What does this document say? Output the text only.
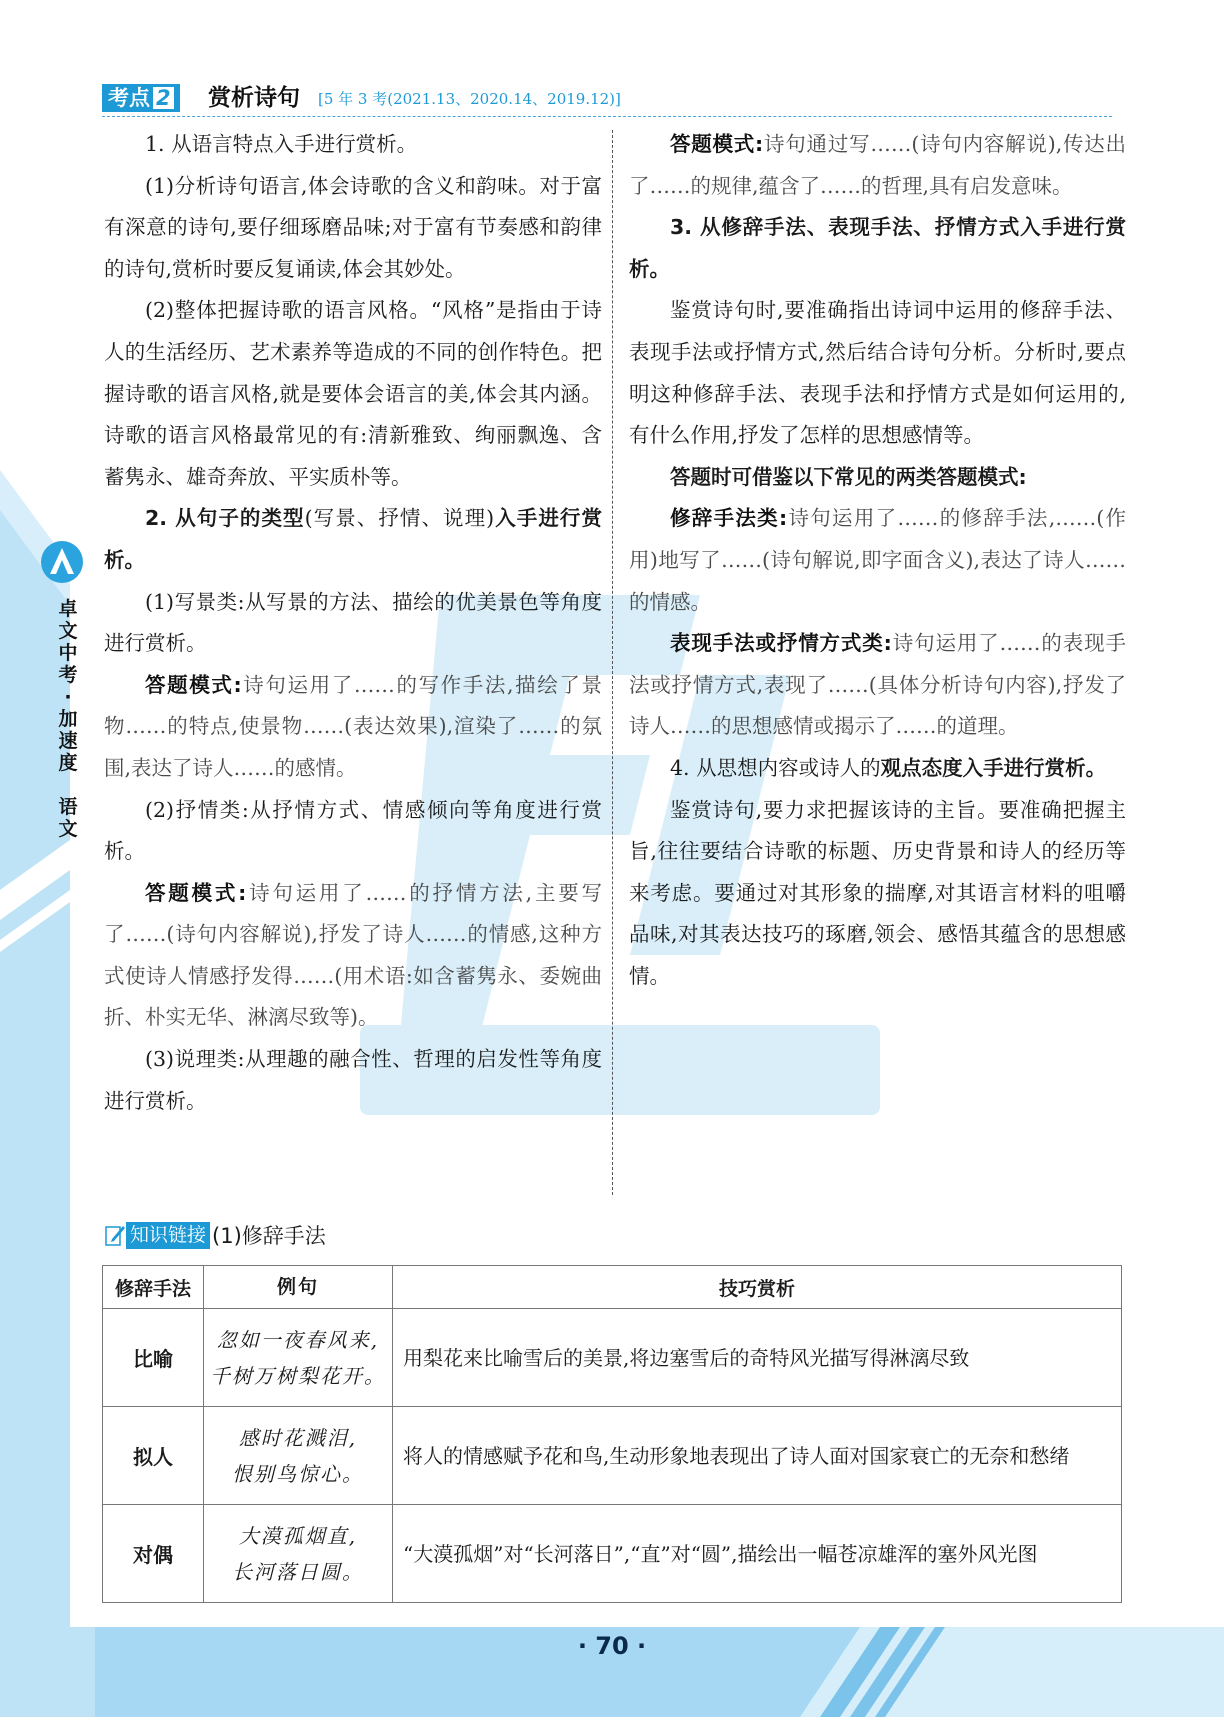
卓
文
中
考
·
加
速
度

语
文
考点 2	赏析诗句 [5 年 3 考(2021.13、2020.14、2019.12)]

1. 从语言特点入手进行赏析。

(1)分析诗句语言,体会诗歌的含义和韵味。对于富有深意的诗句,要仔细琢磨品味;对于富有节奏感和韵律的诗句,赏析时要反复诵读,体会其妙处。

(2)整体把握诗歌的语言风格。“风格”是指由于诗人的生活经历、艺术素养等造成的不同的创作特色。把握诗歌的语言风格,就是要体会语言的美,体会其内涵。诗歌的语言风格最常见的有:清新雅致、绚丽飘逸、含蓄隽永、雄奇奔放、平实质朴等。

2. 从句子的类型(写景、抒情、说理)入手进行赏析。

(1)写景类:从写景的方法、描绘的优美景色等角度进行赏析。

答题模式:诗句运用了……的写作手法,描绘了景物……的特点,使景物……(表达效果),渲染了……的氛围,表达了诗人……的感情。

(2)抒情类:从抒情方式、情感倾向等角度进行赏析。

答题模式:诗句运用了……的抒情方法,主要写了……(诗句内容解说),抒发了诗人……的情感,这种方式使诗人情感抒发得……(用术语:如含蓄隽永、委婉曲折、朴实无华、淋漓尽致等)。

(3)说理类:从理趣的融合性、哲理的启发性等角度进行赏析。

答题模式:诗句通过写……(诗句内容解说),传达出了……的规律,蕴含了……的哲理,具有启发意味。

3. 从修辞手法、表现手法、抒情方式入手进行赏析。

鉴赏诗句时,要准确指出诗词中运用的修辞手法、表现手法或抒情方式,然后结合诗句分析。分析时,要点明这种修辞手法、表现手法和抒情方式是如何运用的,有什么作用,抒发了怎样的思想感情等。

答题时可借鉴以下常见的两类答题模式:

修辞手法类:诗句运用了……的修辞手法,……(作用)地写了……(诗句解说,即字面含义),表达了诗人……的情感。

表现手法或抒情方式类:诗句运用了……的表现手法或抒情方式,表现了……(具体分析诗句内容),抒发了诗人……的思想感情或揭示了……的道理。

4. 从思想内容或诗人的观点态度入手进行赏析。

鉴赏诗句,要力求把握该诗的主旨。要准确把握主旨,往往要结合诗歌的标题、历史背景和诗人的经历等来考虑。要通过对其形象的揣摩,对其语言材料的咀嚼品味,对其表达技巧的琢磨,领会、感悟其蕴含的思想感情。

知识链接 (1)修辞手法
修辞手法	例句	技巧赏析
比喻	忽如一夜春风来,
千树万树梨花开。	用梨花来比喻雪后的美景,将边塞雪后的奇特风光描写得淋漓尽致
拟人	感时花溅泪,
恨别鸟惊心。	将人的情感赋予花和鸟,生动形象地表现出了诗人面对国家衰亡的无奈和愁绪
对偶	大漠孤烟直,
长河落日圆。	“大漠孤烟”对“长河落日”,“直”对“圆”,描绘出一幅苍凉雄浑的塞外风光图
· 70 ·
